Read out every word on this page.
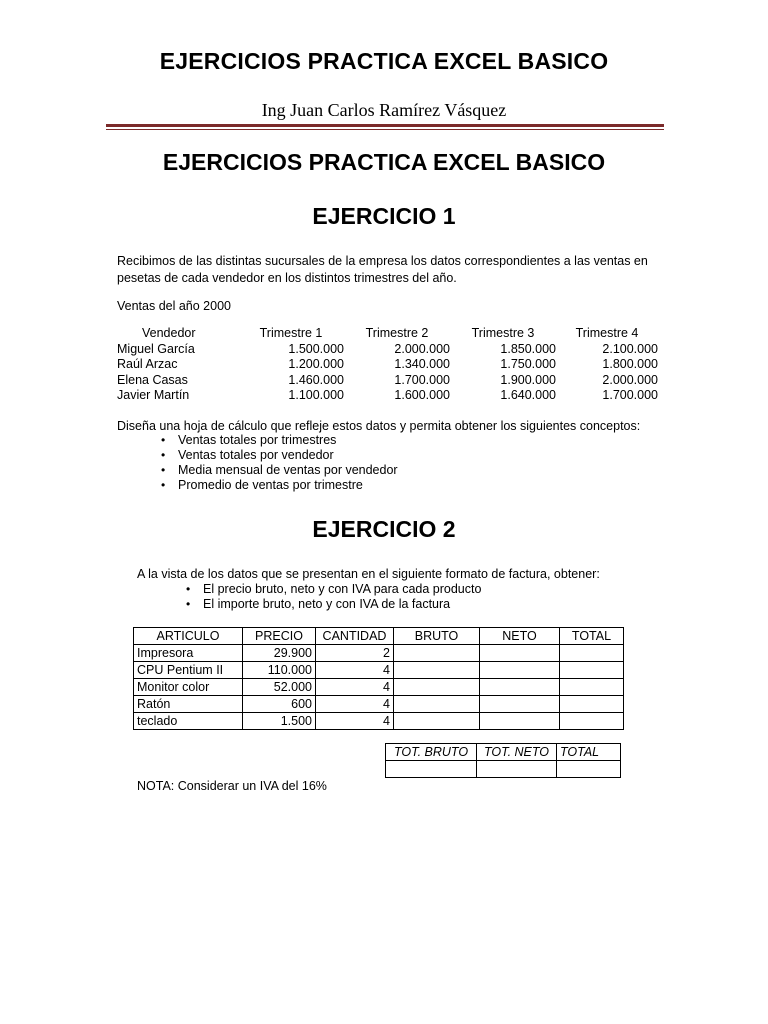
EJERCICIOS PRACTICA EXCEL BASICO
Ing Juan Carlos Ramírez Vásquez
EJERCICIOS PRACTICA EXCEL BASICO
EJERCICIO 1
Recibimos de las distintas sucursales de la empresa los datos correspondientes a las ventas en
pesetas de cada vendedor en los distintos trimestres del año.
Ventas del año 2000
Vendedor	Trimestre 1	Trimestre 2	Trimestre 3	Trimestre 4
Miguel García	1.500.000	2.000.000	1.850.000	2.100.000
Raúl Arzac	1.200.000	1.340.000	1.750.000	1.800.000
Elena Casas	1.460.000	1.700.000	1.900.000	2.000.000
Javier Martín	1.100.000	1.600.000	1.640.000	1.700.000
Diseña una hoja de cálculo que refleje estos datos y permita obtener los siguientes conceptos:
• Ventas totales por trimestres
• Ventas totales por vendedor
• Media mensual de ventas por vendedor
• Promedio de ventas por trimestre
EJERCICIO 2
A la vista de los datos que se presentan en el siguiente formato de factura, obtener:
• El precio bruto, neto y con IVA para cada producto
• El importe bruto, neto y con IVA de la factura
ARTICULO	PRECIO	CANTIDAD	BRUTO	NETO	TOTAL
Impresora	29.900	2			
CPU Pentium II	110.000	4			
Monitor color	52.000	4			
Ratón	600	4			
teclado	1.500	4			
TOT. BRUTO	TOT. NETO	TOTAL

NOTA: Considerar un IVA del 16%
